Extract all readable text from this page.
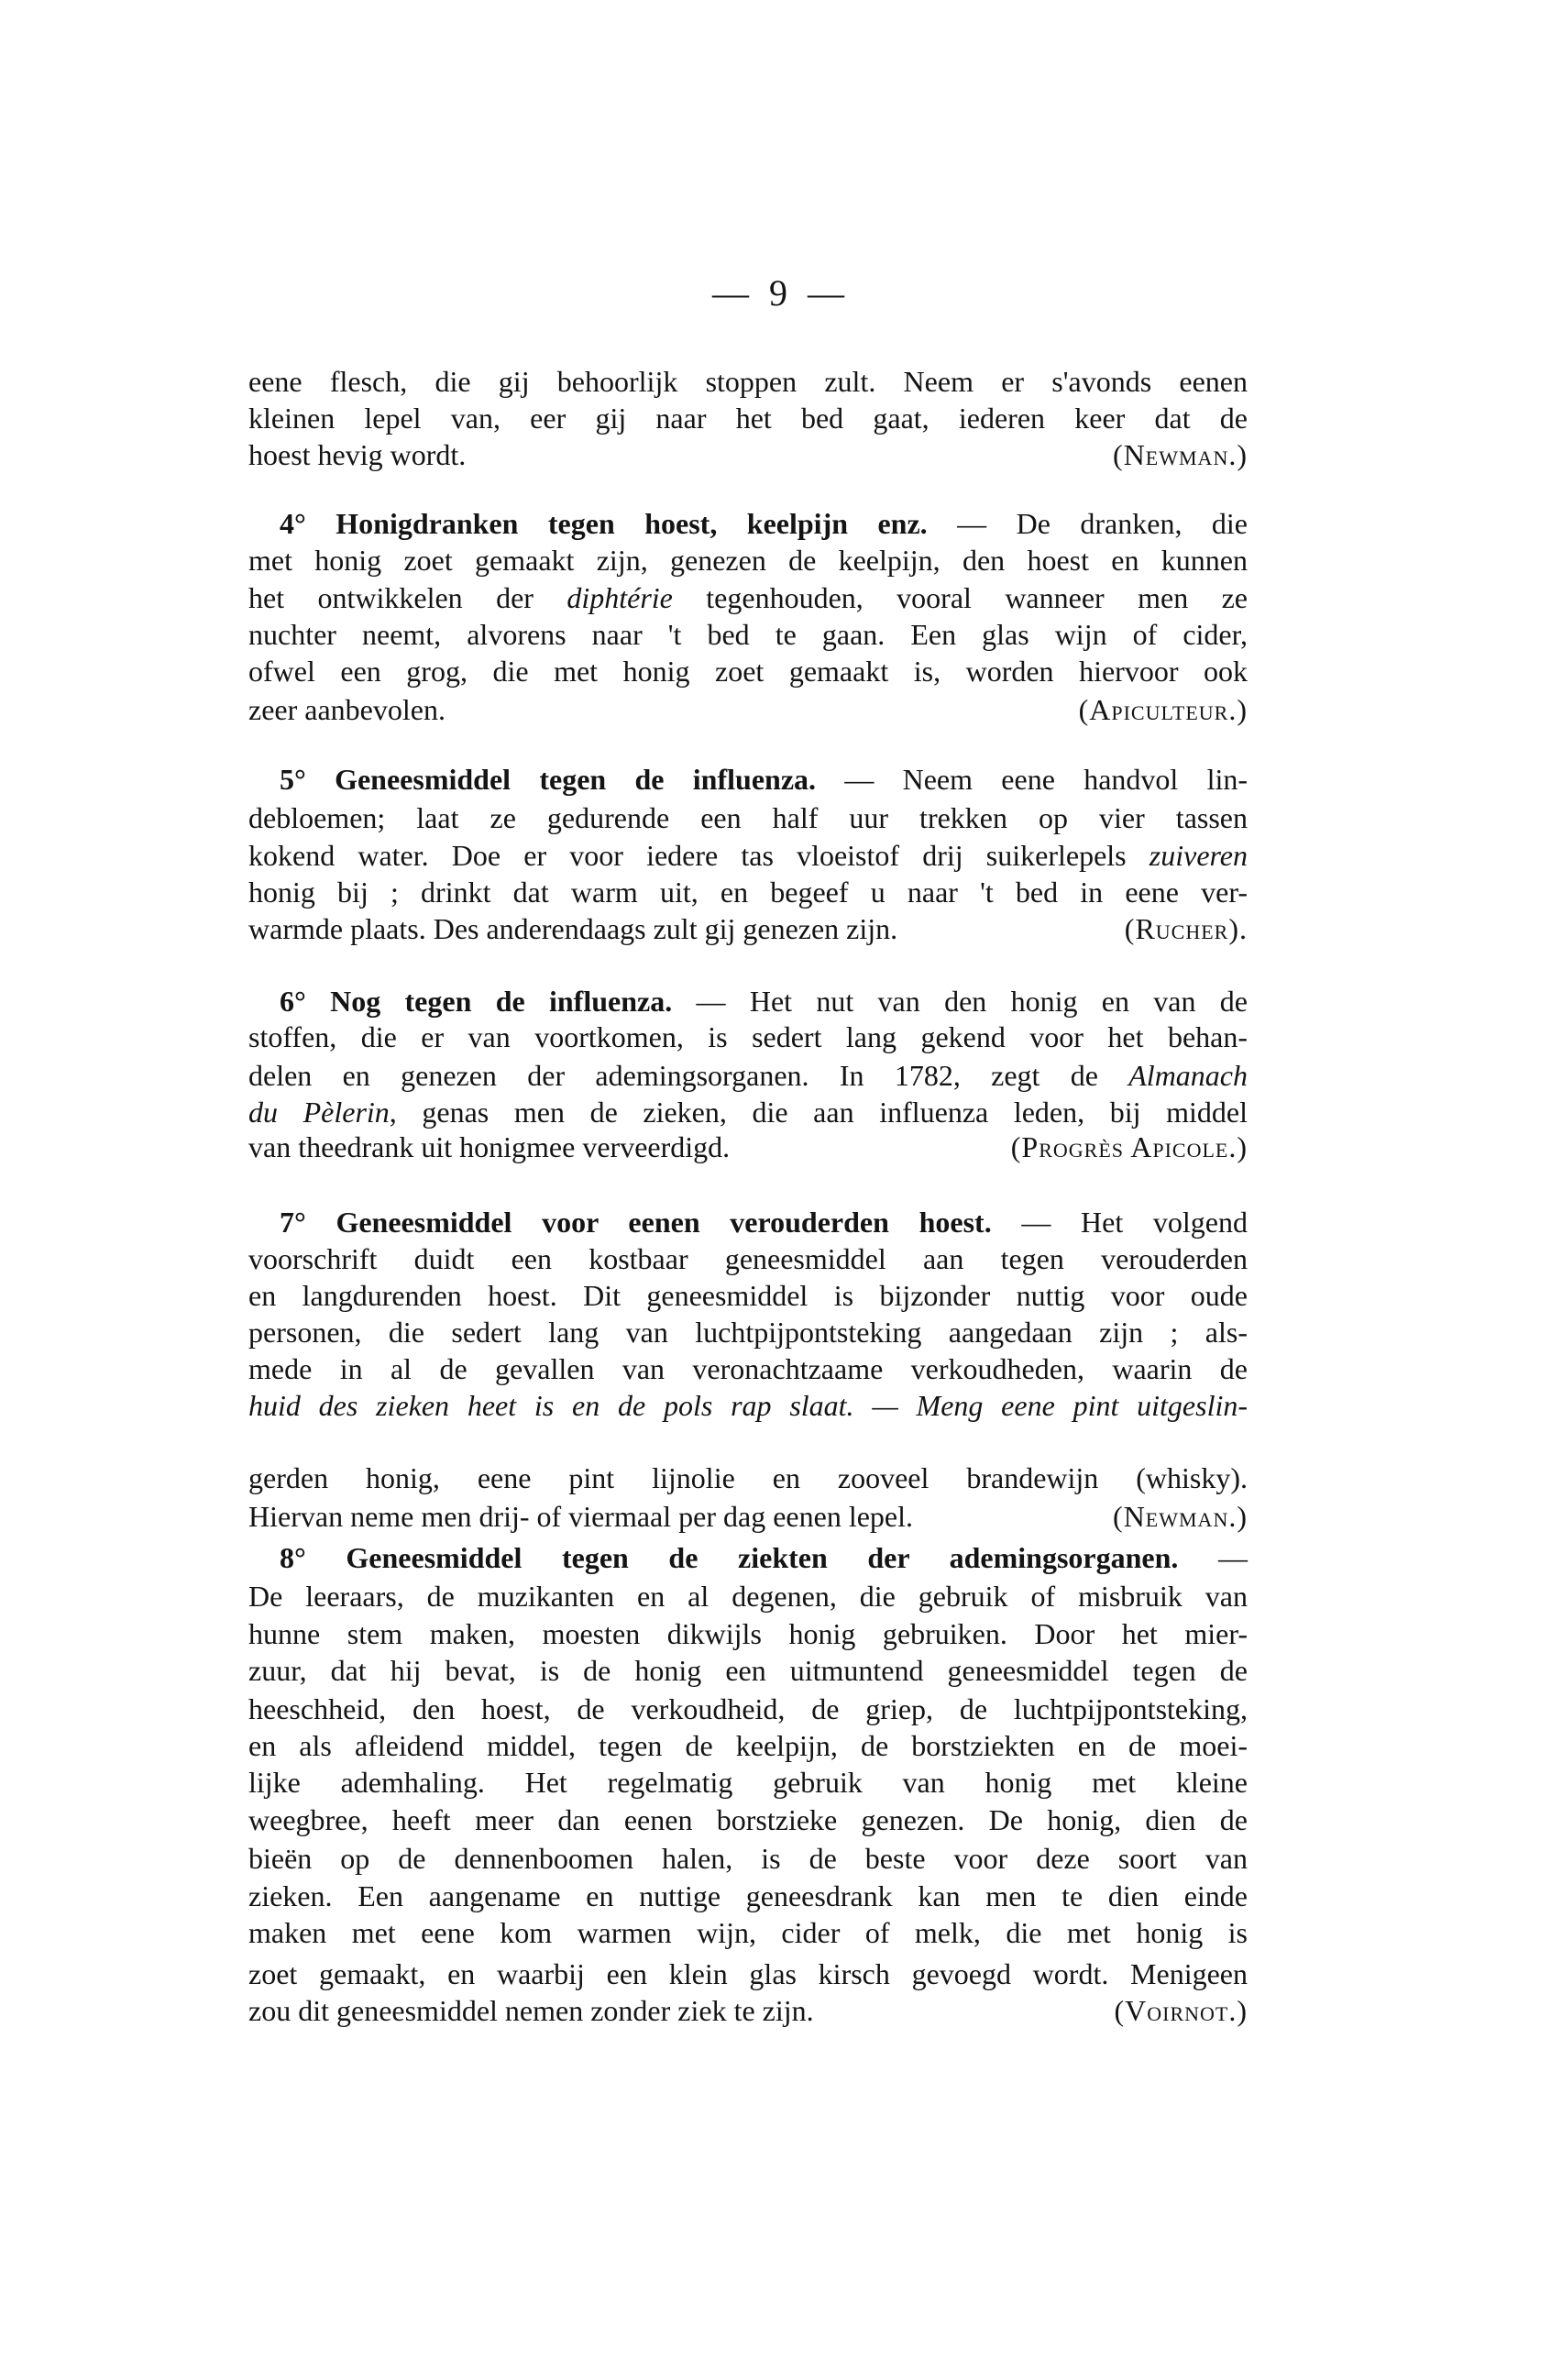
— 9 —
eene flesch, die gij behoorlijk stoppen zult. Neem er s'avonds eenen
kleinen lepel van, eer gij naar het bed gaat, iederen keer dat de
hoest hevig wordt.	(Newman.)
4° Honigdranken tegen hoest, keelpijn enz. — De dranken, die
met honig zoet gemaakt zijn, genezen de keelpijn, den hoest en kunnen
het ontwikkelen der diphtérie tegenhouden, vooral wanneer men ze
nuchter neemt, alvorens naar 't bed te gaan. Een glas wijn of cider,
ofwel een grog, die met honig zoet gemaakt is, worden hiervoor ook
zeer aanbevolen.	(Apiculteur.)
5° Geneesmiddel tegen de influenza. — Neem eene handvol lin-
debloemen; laat ze gedurende een half uur trekken op vier tassen
kokend water. Doe er voor iedere tas vloeistof drij suikerlepels zuiveren
honig bij ; drinkt dat warm uit, en begeef u naar 't bed in eene ver-
warmde plaats. Des anderendaags zult gij genezen zijn.	(Rucher).
6° Nog tegen de influenza. — Het nut van den honig en van de
stoffen, die er van voortkomen, is sedert lang gekend voor het behan-
delen en genezen der ademingsorganen. In 1782, zegt de Almanach
du Pèlerin, genas men de zieken, die aan influenza leden, bij middel
van theedrank uit honigmee verveerdigd.	(Progrès Apicole.)
7° Geneesmiddel voor eenen verouderden hoest. — Het volgend
voorschrift duidt een kostbaar geneesmiddel aan tegen verouderden
en langdurenden hoest. Dit geneesmiddel is bijzonder nuttig voor oude
personen, die sedert lang van luchtpijpontsteking aangedaan zijn ; als-
mede in al de gevallen van veronachtzaame verkoudheden, waarin de
huid des zieken heet is en de pols rap slaat. — Meng eene pint uitgeslin-
gerden honig, eene pint lijnolie en zooveel brandewijn (whisky).
Hiervan neme men drij- of viermaal per dag eenen lepel.	(Newman.)
8° Geneesmiddel tegen de ziekten der ademingsorganen. —
De leeraars, de muzikanten en al degenen, die gebruik of misbruik van
hunne stem maken, moesten dikwijls honig gebruiken. Door het mier-
zuur, dat hij bevat, is de honig een uitmuntend geneesmiddel tegen de
heeschheid, den hoest, de verkoudheid, de griep, de luchtpijpontsteking,
en als afleidend middel, tegen de keelpijn, de borstziekten en de moei-
lijke ademhaling. Het regelmatig gebruik van honig met kleine
weegbree, heeft meer dan eenen borstzieke genezen. De honig, dien de
bieën op de dennenboomen halen, is de beste voor deze soort van
zieken. Een aangename en nuttige geneesdrank kan men te dien einde
maken met eene kom warmen wijn, cider of melk, die met honig is
zoet gemaakt, en waarbij een klein glas kirsch gevoegd wordt. Menigeen
zou dit geneesmiddel nemen zonder ziek te zijn.	(Voirnot.)
